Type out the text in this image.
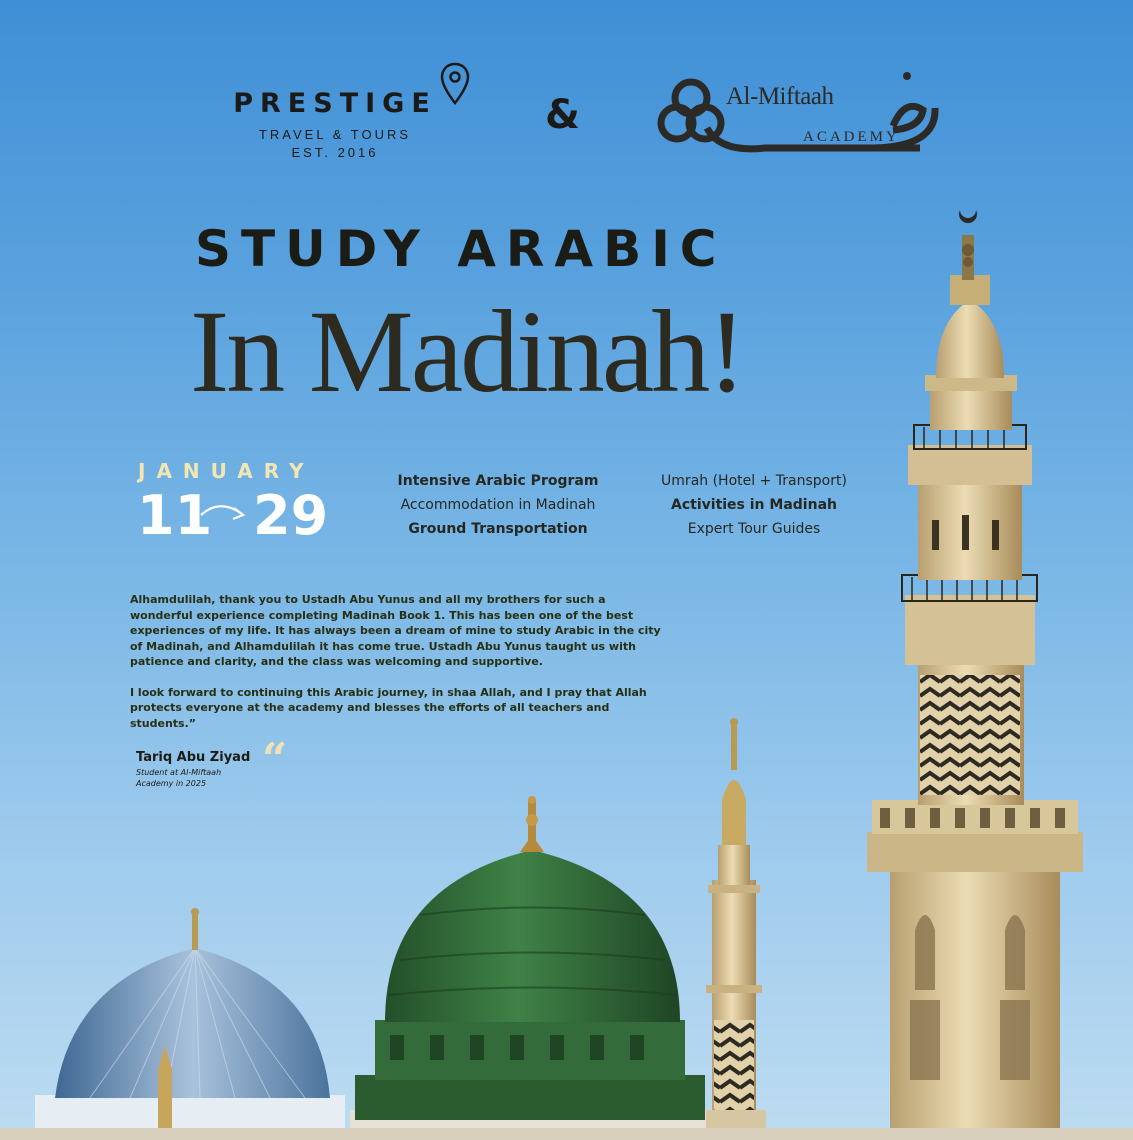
PRESTIGE
TRAVEL & TOURS
EST. 2016
&	Al-Miftaah
ACADEMY
STUDY ARABIC
In Madinah!
JANUARY
11 29
Intensive Arabic Program
Accommodation in Madinah
Ground Transportation
Umrah (Hotel + Transport)
Activities in Madinah
Expert Tour Guides

Alhamdulilah, thank you to Ustadh Abu Yunus and all my brothers for such a wonderful experience completing Madinah Book 1. This has been one of the best experiences of my life. It has always been a dream of mine to study Arabic in the city of Madinah, and Alhamdulilah it has come true. Ustadh Abu Yunus taught us with patience and clarity, and the class was welcoming and supportive.

I look forward to continuing this Arabic journey, in shaa Allah, and I pray that Allah protects everyone at the academy and blesses the efforts of all teachers and students.”

Tariq Abu Ziyad
Student at Al-Miftaah Academy in 2025	“
